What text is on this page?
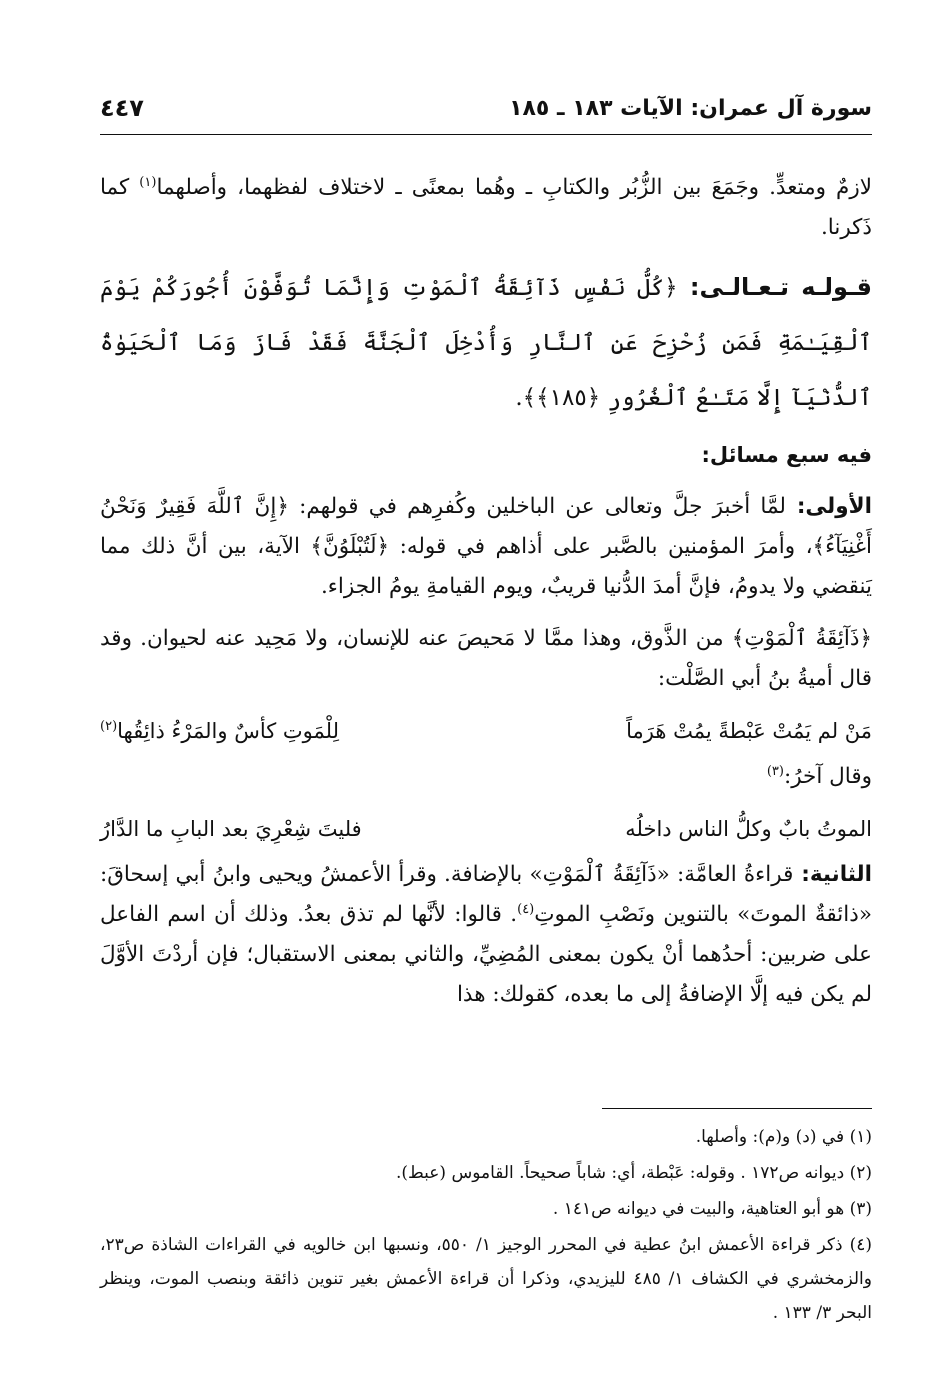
سورة آل عمران: الآيات ١٨٣ ـ ١٨٥
٤٤٧

لازمٌ ومتعدٍّ. وجَمَعَ بين الزُّبُر والكتابِ ـ وهُما بمعنًى ـ لاختلاف لفظهما، وأصلهما$^{(١)}$ كما ذَكرنا.

قـولـه تـعـالـى: ﴿كُلُّ نَفْسٍ ذَآئِقَةُ ٱلْمَوْتِ وَإِنَّمَا تُوَفَّوْنَ أُجُورَكُمْ يَوْمَ ٱلْقِيَـٰمَةِ فَمَن زُحْزِحَ عَنِ ٱلنَّارِ وَأُدْخِلَ ٱلْجَنَّةَ فَقَدْ فَازَ وَمَا ٱلْحَيَوٰةُ ٱلدُّنْيَآ إِلَّا مَتَـٰعُ ٱلْغُرُورِ ﴿١٨٥﴾﴾.

فيه سبع مسائل:

الأولى: لمَّا أخبرَ جلَّ وتعالى عن الباخلين وكُفرِهم في قولهم: ﴿إِنَّ ٱللَّهَ فَقِيرٌ وَنَحْنُ أَغْنِيَآءُ﴾، وأمرَ المؤمنين بالصَّبر على أذاهم في قوله: ﴿لَتُبْلَوُنَّ﴾ الآية، بين أنَّ ذلك مما يَنقضي ولا يدومُ، فإنَّ أمدَ الدُّنيا قريبٌ، ويوم القيامةِ يومُ الجزاء.

﴿ذَآئِقَةُ ٱلْمَوْتِ﴾ من الذَّوق، وهذا ممَّا لا مَحيصَ عنه للإنسان، ولا مَحِيد عنه لحيوان. وقد قال أميةُ بنُ أبي الصَّلْت:

مَنْ لم يَمُتْ عَبْطةً يمُتْ هَرَماً
لِلْمَوتِ كأسٌ والمَرْءُ ذائِقُها(٢)

وقال آخرُ:$^{(٣)}$

الموتُ بابٌ وكلُّ الناس داخلُه
فليتَ شِعْرِيَ بعد البابِ ما الدَّارُ

الثانية: قراءةُ العامَّة: «ذَآئِقَةُ ٱلْمَوْتِ» بالإضافة. وقرأ الأعمشُ ويحيى وابنُ أبي إسحاقَ: «ذائقةٌ الموتَ» بالتنوين ونَصْبِ الموتِ$^{(٤)}$. قالوا: لأنَّها لم تذق بعدُ. وذلك أن اسم الفاعل على ضربين: أحدُهما أنْ يكون بمعنى المُضِيِّ، والثاني بمعنى الاستقبال؛ فإن أردْتَ الأوَّلَ لم يكن فيه إلَّا الإضافةُ إلى ما بعده، كقولك: هذا

(١) في (د) و(م): وأصلها.
(٢) ديوانه ص١٧٢ . وقوله: عَبْطة، أي: شاباً صحيحاً. القاموس (عبط).
(٣) هو أبو العتاهية، والبيت في ديوانه ص١٤١ .
(٤) ذكر قراءة الأعمش ابنُ عطية في المحرر الوجيز ١/ ٥٥٠، ونسبها ابن خالويه في القراءات الشاذة ص٢٣، والزمخشري في الكشاف ١/ ٤٨٥ لليزيدي، وذكرا أن قراءة الأعمش بغير تنوين ذائقة وبنصب الموت، وينظر البحر ٣/ ١٣٣ .
